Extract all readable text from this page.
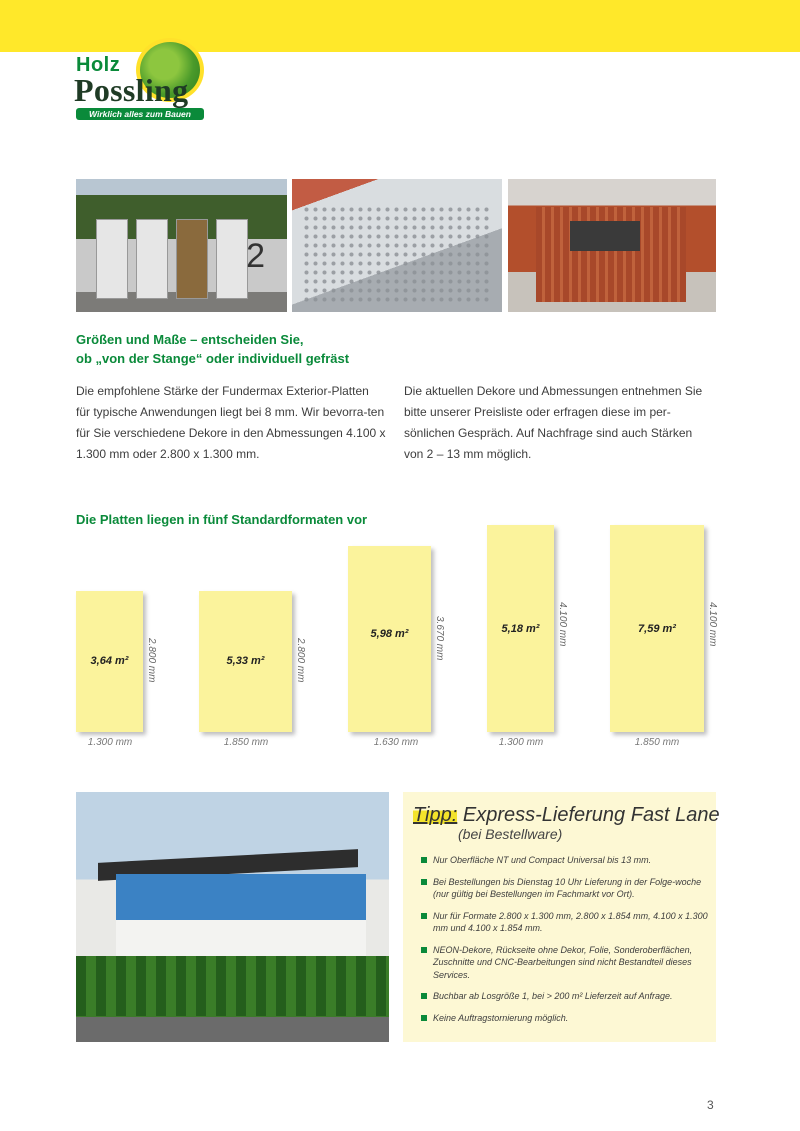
Holz
Possling
Wirklich alles zum Bauen
2

Größen und Maße – entscheiden Sie,
ob „von der Stange“ oder individuell gefräst

Die empfohlene Stärke der Fundermax Exterior-Platten für typische Anwendungen liegt bei 8 mm. Wir bevorra-ten für Sie verschiedene Dekore in den Abmessungen 4.100 x 1.300 mm oder 2.800 x 1.300 mm.

Die aktuellen Dekore und Abmessungen entnehmen Sie bitte unserer Preisliste oder erfragen diese im per-sönlichen Gespräch. Auf Nachfrage sind auch Stärken von 2 – 13 mm möglich.

Die Platten liegen in fünf Standardformaten vor

3,64 m²	2.800 mm
1.300 mm
5,33 m²	2.800 mm
1.850 mm
5,98 m²	3.670 mm
1.630 mm
5,18 m²	4.100 mm
1.300 mm
7,59 m²	4.100 mm
1.850 mm
Tipp: Express-Lieferung Fast Lane
(bei Bestellware)
Nur Oberfläche NT und Compact Universal bis 13 mm.
Bei Bestellungen bis Dienstag 10 Uhr Lieferung in der Folge-woche (nur gültig bei Bestellungen im Fachmarkt vor Ort).
Nur für Formate 2.800 x 1.300 mm, 2.800 x 1.854 mm, 4.100 x 1.300 mm und 4.100 x 1.854 mm.
NEON-Dekore, Rückseite ohne Dekor, Folie, Sonderoberflächen, Zuschnitte und CNC-Bearbeitungen sind nicht Bestandteil dieses Services.
Buchbar ab Losgröße 1, bei > 200 m² Lieferzeit auf Anfrage.
Keine Auftragstornierung möglich.
3
